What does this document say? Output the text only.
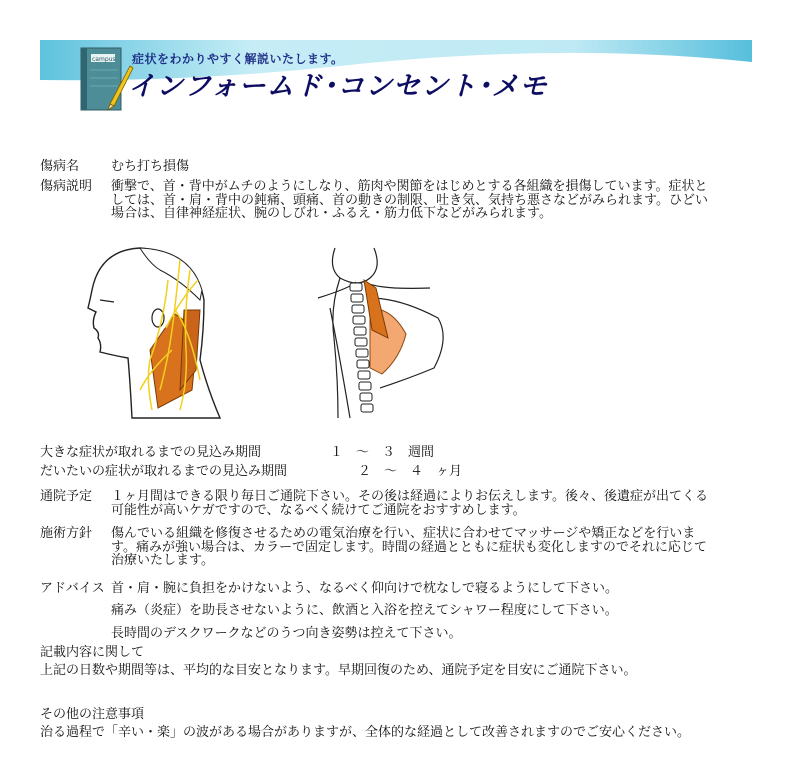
campus 症状をわかりやすく解説いたします。
インフォームド･コンセント･メモ
傷病名 むち打ち損傷
傷病説明 衝撃で、首・背中がムチのようにしなり、筋肉や関節をはじめとする各組織を損傷しています。症状としては、首・肩・背中の鈍痛、頭痛、首の動きの制限、吐き気、気持ち悪さなどがみられます。ひどい場合は、自律神経症状、腕のしびれ・ふるえ・筋力低下などがみられます。
大きな症状が取れるまでの見込み期間	１　～　３　週間
だいたいの症状が取れるまでの見込み期間	２　～　４　ヶ月
通院予定 １ヶ月間はできる限り毎日ご通院下さい。その後は経過によりお伝えします。後々、後遺症が出てくる可能性が高いケガですので、なるべく続けてご通院をおすすめします。
施術方針 傷んでいる組織を修復させるための電気治療を行い、症状に合わせてマッサージや矯正などを行います。痛みが強い場合は、カラーで固定します。時間の経過とともに症状も変化しますのでそれに応じて治療いたします。
アドバイス 首・肩・腕に負担をかけないよう、なるべく仰向けで枕なしで寝るようにして下さい。
痛み（炎症）を助長させないように、飲酒と入浴を控えてシャワー程度にして下さい。
長時間のデスクワークなどのうつ向き姿勢は控えて下さい。
記載内容に関して
上記の日数や期間等は、平均的な目安となります。早期回復のため、通院予定を目安にご通院下さい。
その他の注意事項
治る過程で「辛い・楽」の波がある場合がありますが、全体的な経過として改善されますのでご安心ください。
